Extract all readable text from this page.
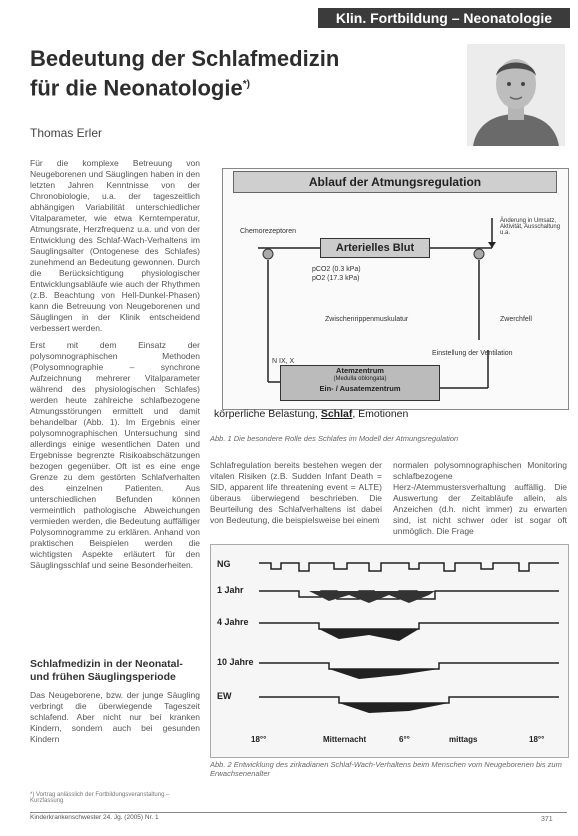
Klin. Fortbildung – Neonatologie
Bedeutung der Schlafmedizin
für die Neonatologie*)
Thomas Erler

Für die komplexe Betreuung von Neugeborenen und Säuglingen haben in den letzten Jahren Kenntnisse von der Chronobiologie, u.a. der tageszeitlich abhängigen Variabilität unterschiedlicher Vitalparameter, wie etwa Kerntemperatur, Atmungsrate, Herzfrequenz u.a. und von der Entwicklung des Schlaf-Wach-Verhaltens im Sauglingsalter (Ontogenese des Schlafes) zunehmend an Bedeutung gewonnen. Durch die Berücksichtigung physiologischer Entwicklungsabläufe wie auch der Rhythmen (z.B. Beachtung von Hell-Dunkel-Phasen) kann die Betreuung von Neugeborenen und Säuglingen in der Klinik entscheidend verbessert werden.

Erst mit dem Einsatz der polysomnographischen Methoden (Polysomnographie – synchrone Aufzeichnung mehrerer Vitalparameter während des physiologischen Schlafes) werden heute zahlreiche schlafbezogene Atmungsstörungen ermittelt und damit behandelbar (Abb. 1). Im Ergebnis einer polysomnographischen Untersuchung sind allerdings einige wesentlichen Daten und Ergebnisse begrenzte Risikoabschätzungen bezogen gegenüber. Oft ist es eine enge Grenze zu dem gestörten Schlafverhalten des einzelnen Patienten. Aus unterschiedlichen Befunden können vermeintlich pathologische Abweichungen vermieden werden, die Bedeutung auffälliger Polysomnogramme zu erklären. Anhand von praktischen Beispielen werden die wichtigsten Aspekte erläutert für den Säuglingsschlaf und seine Besonderheiten.

Schlafmedizin in der Neonatal-
und frühen Säuglingsperiode
Das Neugeborene, bzw. der junge Säugling verbringt die überwiegende Tageszeit schlafend. Aber nicht nur bei kranken Kindern, sondern auch bei gesunden Kindern
*) Vortrag anlässlich der Fortbildungsveranstaltung – Kurzfassung
Ablauf der Atmungsregulation
Chemorezeptoren
Arterielles Blut
Änderung in Umsatz, Aktivität, Ausschaltung u.a.
pCO2 (0.3 kPa)
pO2 (17.3 kPa)
Zwischenrippenmuskulatur	Zwerchfell
Einstellung der Ventilation
N IX, X
Atemzentrum
(Medulla oblongata)
Ein- / Ausatemzentrum
körperliche Belastung, Schlaf, Emotionen
Abb. 1 Die besondere Rolle des Schlafes im Modell der Atmungsregulation
Schlafregulation bereits bestehen wegen der vitalen Risiken (z.B. Sudden Infant Death = SID, apparent life threatening event = ALTE) überaus überwiegend beschrieben. Die Beurteilung des Schlafverhaltens ist dabei von Bedeutung, die beispielsweise bei einem
normalen polysomnographischen Monitoring schlafbezogene Herz-/Atemmustersverhaltung auffällig. Die Auswertung der Zeitabläufe allein, als Anzeichen (d.h. nicht immer) zu erwarten sind, ist nicht schwer oder ist sogar oft unmöglich. Die Frage
NG
1 Jahr
4 Jahre
10 Jahre
EW
18°°	Mitternacht	6°°	mittags	18°°
Abb. 2 Entwicklung des zirkadianen Schlaf-Wach-Verhaltens beim Menschen vom Neugeborenen bis zum Erwachsenenalter
Kinderkrankenschwester 24. Jg. (2005) Nr. 1	371
